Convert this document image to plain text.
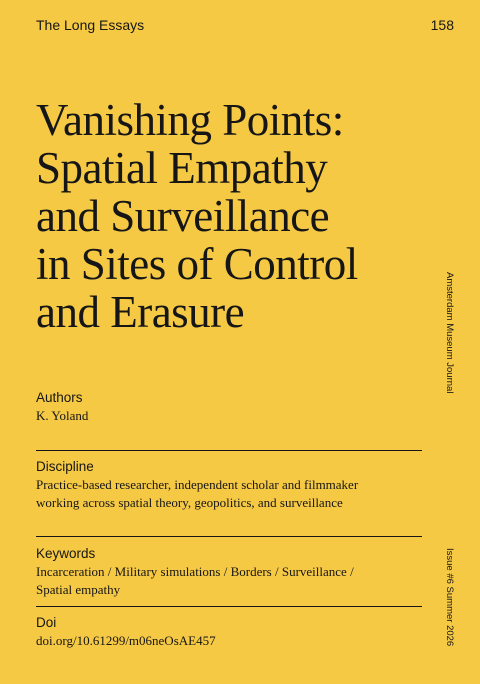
The Long Essays	158
Vanishing Points:
Spatial Empathy
and Surveillance
in Sites of Control
and Erasure
Authors
K. Yoland
Discipline
Practice-based researcher, independent scholar and filmmaker
working across spatial theory, geopolitics, and surveillance
Keywords
Incarceration / Military simulations / Borders / Surveillance /
Spatial empathy
Doi
doi.org/10.61299/m06neOsAE457
Amsterdam Museum Journal
Issue #6 Summer 2026
